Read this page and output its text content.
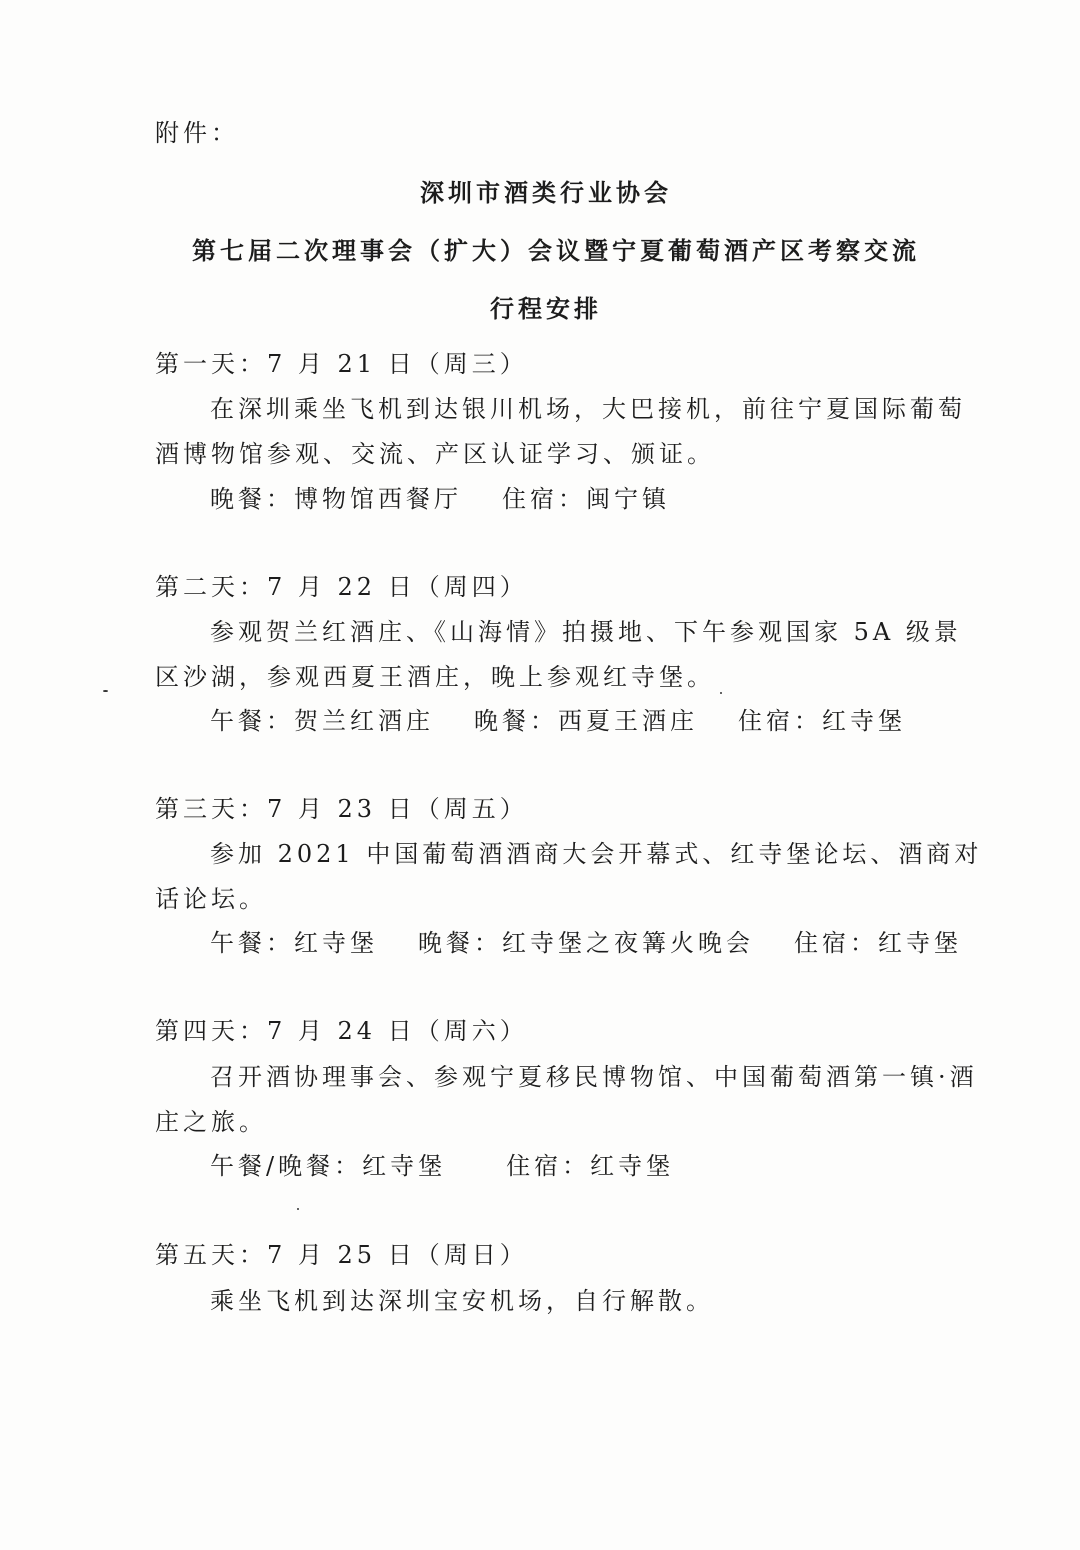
附件：
深圳市酒类行业协会
第七届二次理事会（扩大）会议暨宁夏葡萄酒产区考察交流
行程安排
第一天：7 月 21 日（周三）
在深圳乘坐飞机到达银川机场，大巴接机，前往宁夏国际葡萄
酒博物馆参观、交流、产区认证学习、颁证。
晚餐：博物馆西餐厅 住宿：闽宁镇
第二天：7 月 22 日（周四）
参观贺兰红酒庄、《山海情》拍摄地、下午参观国家 5A 级景
区沙湖，参观西夏王酒庄，晚上参观红寺堡。
午餐：贺兰红酒庄 晚餐：西夏王酒庄 住宿：红寺堡
第三天：7 月 23 日（周五）
参加 2021 中国葡萄酒酒商大会开幕式、红寺堡论坛、酒商对
话论坛。
午餐：红寺堡 晚餐：红寺堡之夜篝火晚会 住宿：红寺堡
第四天：7 月 24 日（周六）
召开酒协理事会、参观宁夏移民博物馆、中国葡萄酒第一镇·酒
庄之旅。
午餐/晚餐：红寺堡	住宿：红寺堡
第五天：7 月 25 日（周日）
乘坐飞机到达深圳宝安机场，自行解散。
